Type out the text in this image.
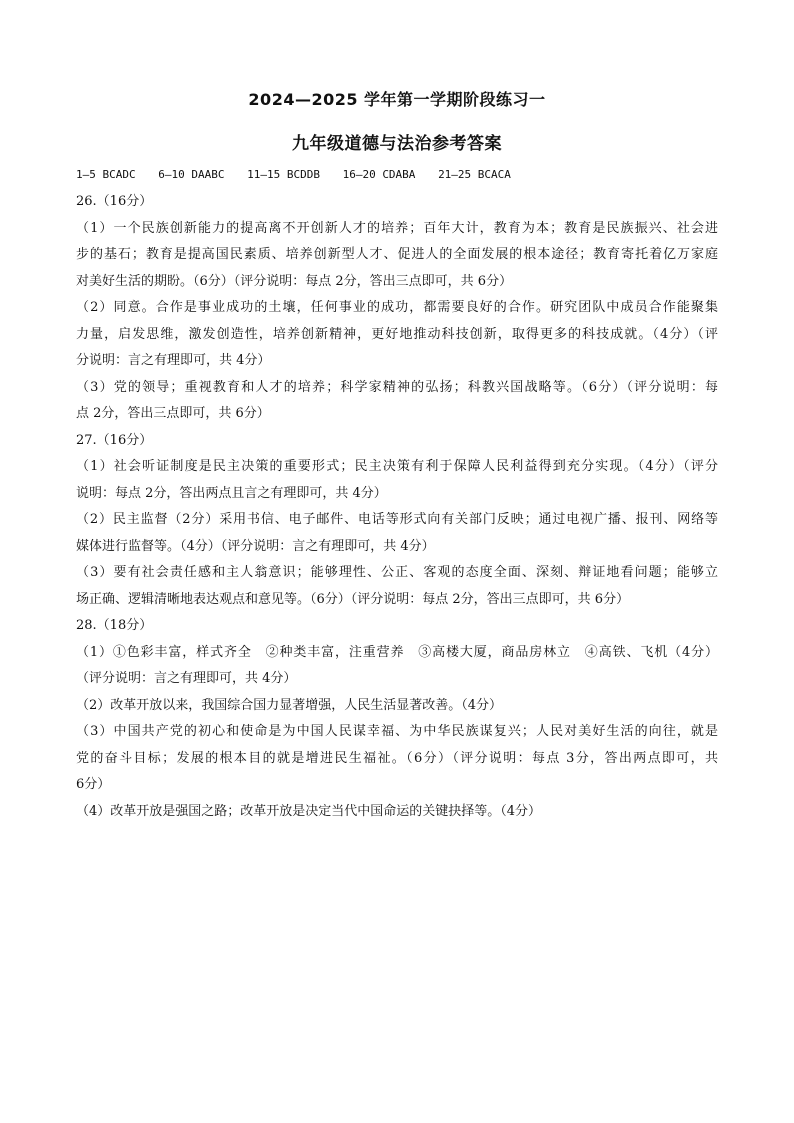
2024—2025 学年第一学期阶段练习一
九年级道德与法治参考答案
1—5 BCADC 6—10 DAABC 11—15 BCDDB 16—20 CDABA 21—25 BCACA
26.（16分）
（1）一个民族创新能力的提高离不开创新人才的培养；百年大计，教育为本；教育是民族振兴、社会进
步的基石；教育是提高国民素质、培养创新型人才、促进人的全面发展的根本途径；教育寄托着亿万家庭
对美好生活的期盼。（6分）（评分说明：每点 2分，答出三点即可，共 6分）
（2）同意。合作是事业成功的土壤，任何事业的成功，都需要良好的合作。研究团队中成员合作能聚集
力量，启发思维，激发创造性，培养创新精神，更好地推动科技创新，取得更多的科技成就。（4分）（评
分说明：言之有理即可，共 4分）
（3）党的领导；重视教育和人才的培养；科学家精神的弘扬；科教兴国战略等。（6分）（评分说明：每
点 2分，答出三点即可，共 6分）
27.（16分）
（1）社会听证制度是民主决策的重要形式；民主决策有利于保障人民利益得到充分实现。（4分）（评分
说明：每点 2分，答出两点且言之有理即可，共 4分）
（2）民主监督（2分）采用书信、电子邮件、电话等形式向有关部门反映；通过电视广播、报刊、网络等
媒体进行监督等。（4分）（评分说明：言之有理即可，共 4分）
（3）要有社会责任感和主人翁意识；能够理性、公正、客观的态度全面、深刻、辩证地看问题；能够立
场正确、逻辑清晰地表达观点和意见等。（6分）（评分说明：每点 2分，答出三点即可，共 6分）
28.（18分）
（1）①色彩丰富，样式齐全　②种类丰富，注重营养　③高楼大厦，商品房林立　④高铁、飞机（4分）
（评分说明：言之有理即可，共 4分）
（2）改革开放以来，我国综合国力显著增强，人民生活显著改善。（4分）
（3）中国共产党的初心和使命是为中国人民谋幸福、为中华民族谋复兴；人民对美好生活的向往，就是
党的奋斗目标；发展的根本目的就是增进民生福祉。（6分）（评分说明：每点 3分，答出两点即可，共
6分）
（4）改革开放是强国之路；改革开放是决定当代中国命运的关键抉择等。（4分）
